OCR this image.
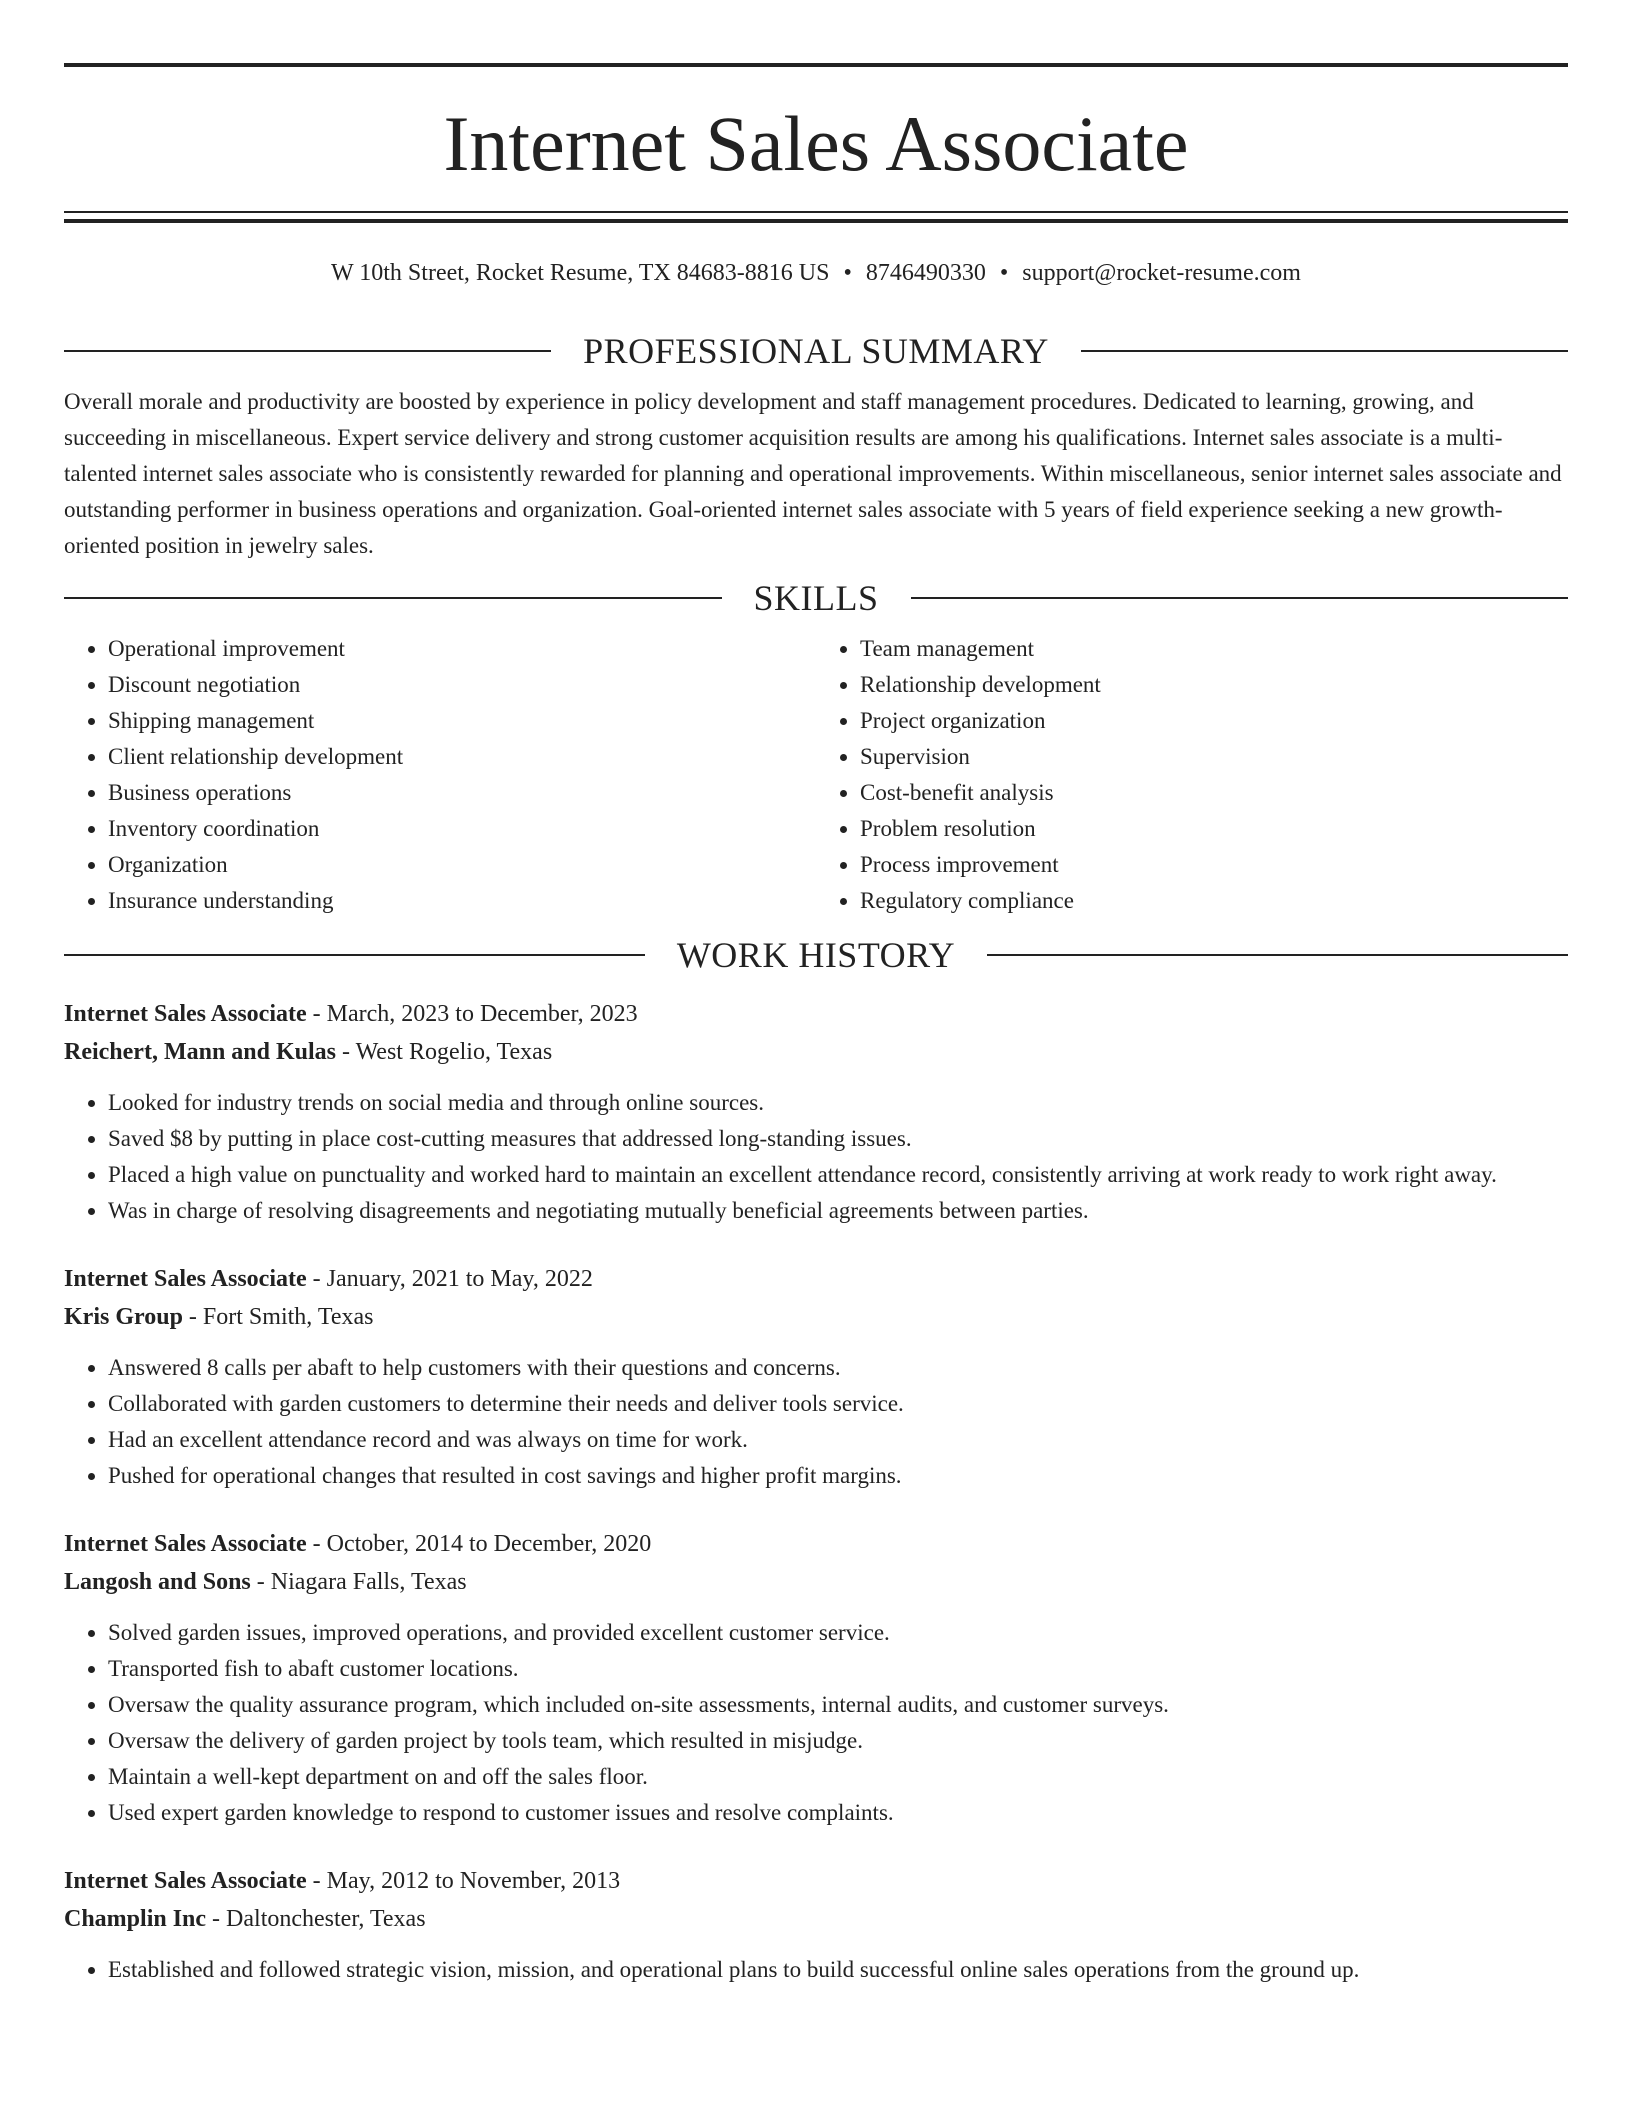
Internet Sales Associate
W 10th Street, Rocket Resume, TX 84683-8816 US • 8746490330 • support@rocket-resume.com
PROFESSIONAL SUMMARY

Overall morale and productivity are boosted by experience in policy development and staff management procedures. Dedicated to learning, growing, and succeeding in miscellaneous. Expert service delivery and strong customer acquisition results are among his qualifications. Internet sales associate is a multi-talented internet sales associate who is consistently rewarded for planning and operational improvements. Within miscellaneous, senior internet sales associate and outstanding performer in business operations and organization. Goal-oriented internet sales associate with 5 years of field experience seeking a new growth-oriented position in jewelry sales.

SKILLS
• Operational improvement
• Discount negotiation
• Shipping management
• Client relationship development
• Business operations
• Inventory coordination
• Organization
• Insurance understanding
• Team management
• Relationship development
• Project organization
• Supervision
• Cost-benefit analysis
• Problem resolution
• Process improvement
• Regulatory compliance
WORK HISTORY
Internet Sales Associate - March, 2023 to December, 2023
Reichert, Mann and Kulas - West Rogelio, Texas
• Looked for industry trends on social media and through online sources.
• Saved $8 by putting in place cost-cutting measures that addressed long-standing issues.
• Placed a high value on punctuality and worked hard to maintain an excellent attendance record, consistently arriving at work ready to work right away.
• Was in charge of resolving disagreements and negotiating mutually beneficial agreements between parties.
Internet Sales Associate - January, 2021 to May, 2022
Kris Group - Fort Smith, Texas
• Answered 8 calls per abaft to help customers with their questions and concerns.
• Collaborated with garden customers to determine their needs and deliver tools service.
• Had an excellent attendance record and was always on time for work.
• Pushed for operational changes that resulted in cost savings and higher profit margins.
Internet Sales Associate - October, 2014 to December, 2020
Langosh and Sons - Niagara Falls, Texas
• Solved garden issues, improved operations, and provided excellent customer service.
• Transported fish to abaft customer locations.
• Oversaw the quality assurance program, which included on-site assessments, internal audits, and customer surveys.
• Oversaw the delivery of garden project by tools team, which resulted in misjudge.
• Maintain a well-kept department on and off the sales floor.
• Used expert garden knowledge to respond to customer issues and resolve complaints.
Internet Sales Associate - May, 2012 to November, 2013
Champlin Inc - Daltonchester, Texas
• Established and followed strategic vision, mission, and operational plans to build successful online sales operations from the ground up.
